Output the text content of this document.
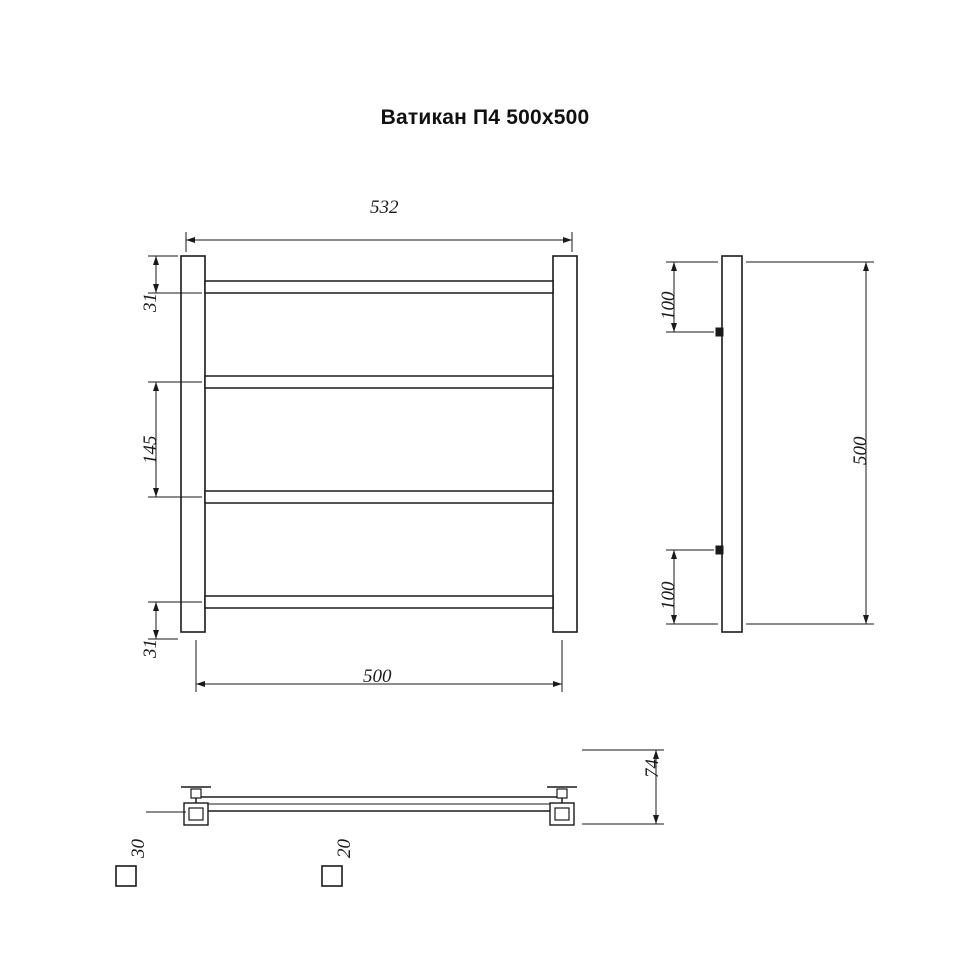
Ватикан П4 500x500
532
31
145
31
500
100
100
500
74
30	20
